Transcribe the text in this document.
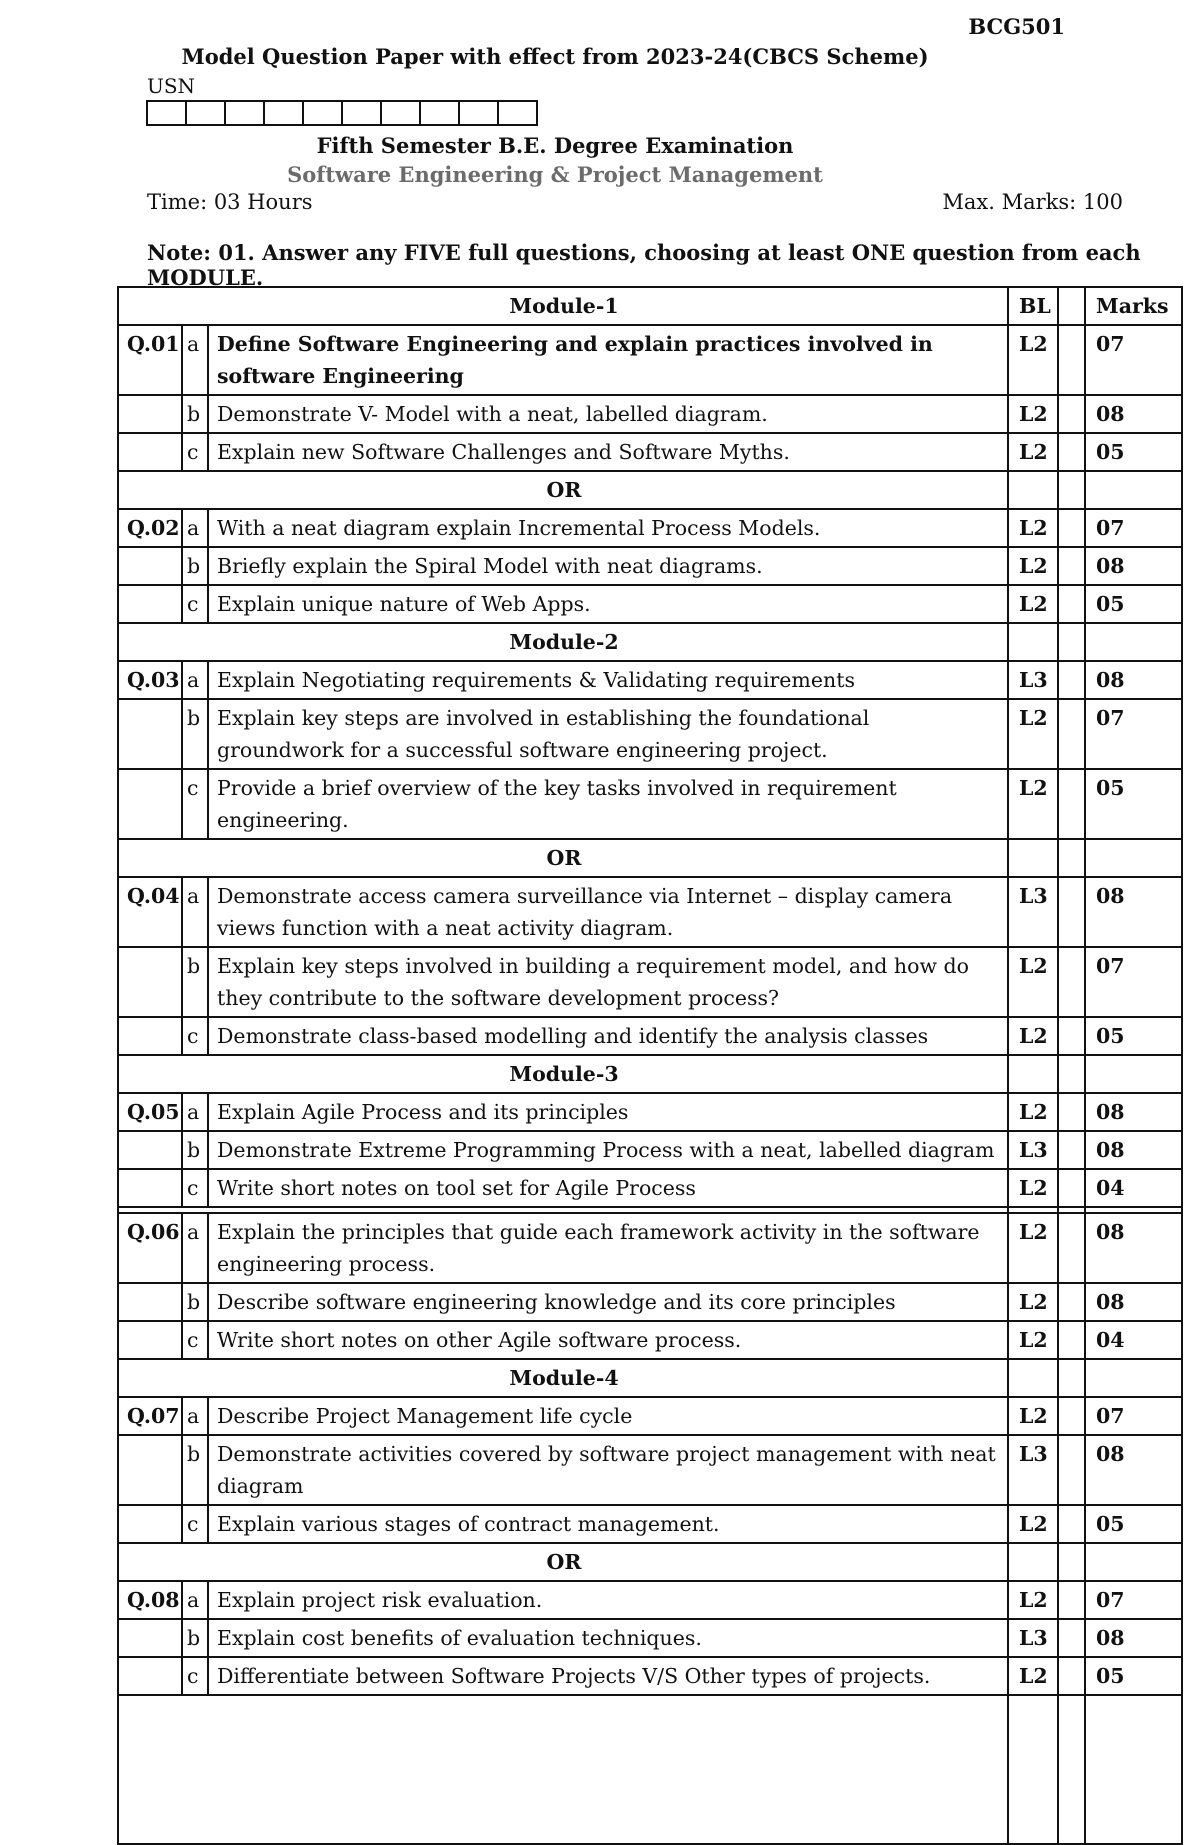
BCG501
Model Question Paper with effect from 2023-24(CBCS Scheme)
USN
Fifth Semester B.E. Degree Examination
Software Engineering & Project Management
Time: 03 Hours	Max. Marks: 100
Note: 01. Answer any FIVE full questions, choosing at least ONE question from each MODULE.
Module-1			BL		Marks
Q.01	a	Define Software Engineering and explain practices involved in software Engineering	L2		07
	b	Demonstrate V- Model with a neat, labelled diagram.	L2		08
	c	Explain new Software Challenges and Software Myths.	L2		05
OR					
Q.02	a	With a neat diagram explain Incremental Process Models.	L2		07
	b	Briefly explain the Spiral Model with neat diagrams.	L2		08
	c	Explain unique nature of Web Apps.	L2		05
Module-2					
Q.03	a	Explain Negotiating requirements & Validating requirements	L3		08
	b	Explain key steps are involved in establishing the foundational groundwork for a successful software engineering project.	L2		07
	c	Provide a brief overview of the key tasks involved in requirement engineering.	L2		05
OR					
Q.04	a	Demonstrate access camera surveillance via Internet – display camera views function with a neat activity diagram.	L3		08
	b	Explain key steps involved in building a requirement model, and how do they contribute to the software development process?	L2		07
	c	Demonstrate class-based modelling and identify the analysis classes	L2		05
Module-3					
Q.05	a	Explain Agile Process and its principles	L2		08
	b	Demonstrate Extreme Programming Process with a neat, labelled diagram	L3		08
	c	Write short notes on tool set for Agile Process	L2		04

Q.06	a	Explain the principles that guide each framework activity in the software engineering process.	L2		08
	b	Describe software engineering knowledge and its core principles	L2		08
	c	Write short notes on other Agile software process.	L2		04
Module-4					
Q.07	a	Describe Project Management life cycle	L2		07
	b	Demonstrate activities covered by software project management with neat diagram	L3		08
	c	Explain various stages of contract management.	L2		05
OR					
Q.08	a	Explain project risk evaluation.	L2		07
	b	Explain cost benefits of evaluation techniques.	L3		08
	c	Differentiate between Software Projects V/S Other types of projects.	L2		05
